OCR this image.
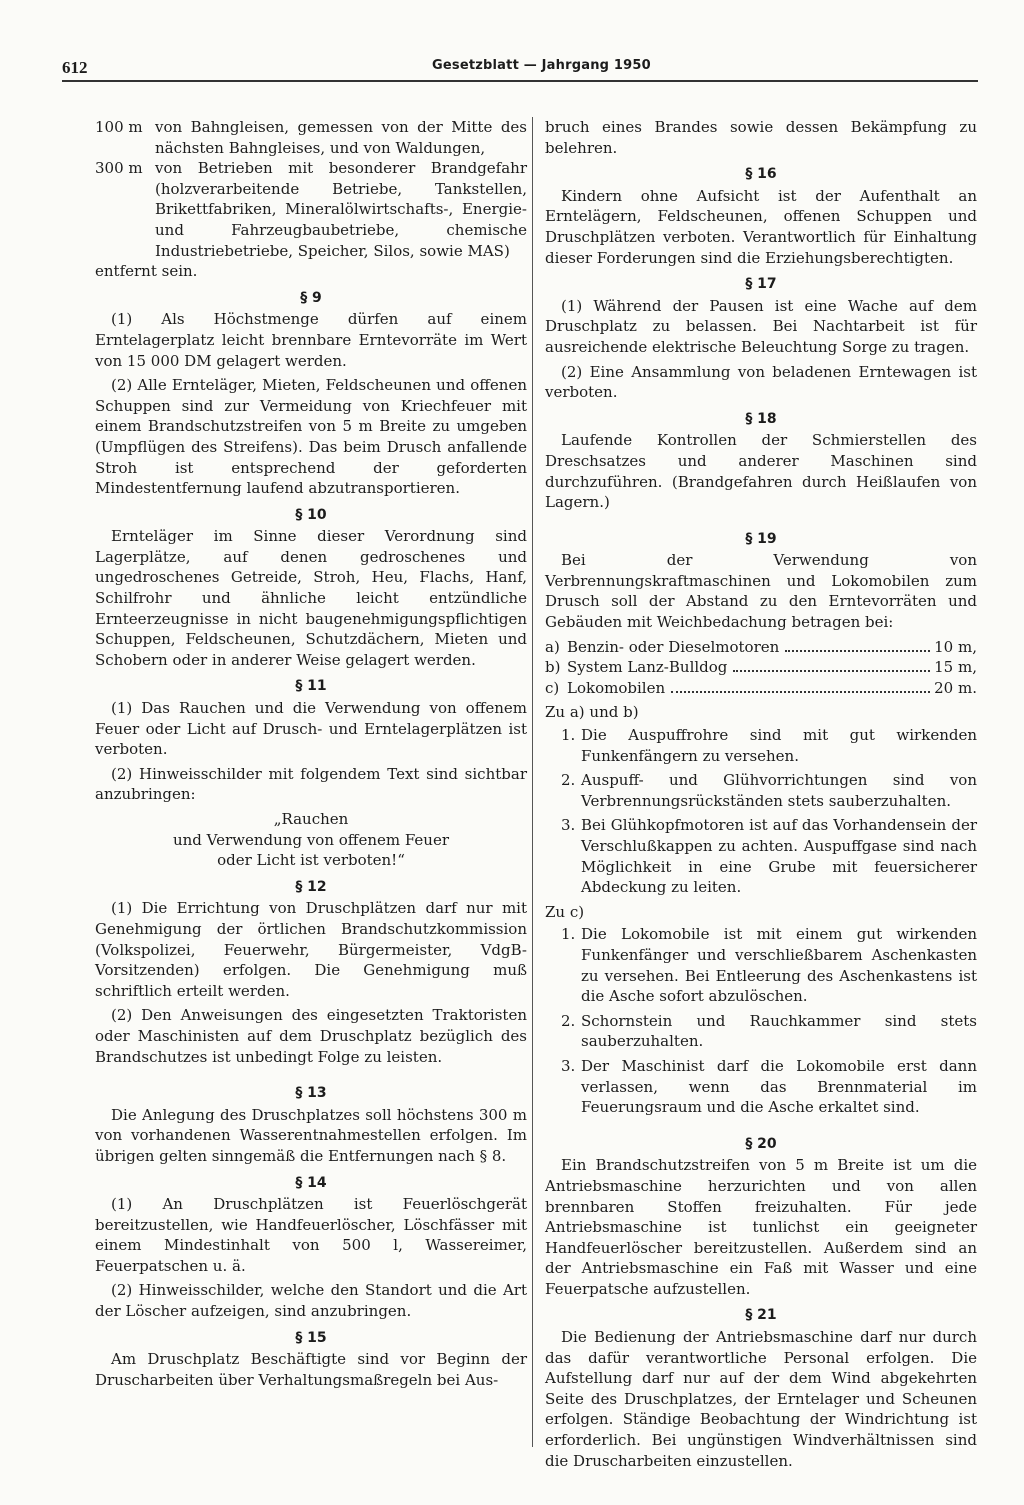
612	Gesetzblatt — Jahrgang 1950
100 m von Bahngleisen, gemessen von der Mitte des nächsten Bahngleises, und von Waldungen,
300 m von Betrieben mit besonderer Brandgefahr (holzverarbeitende Betriebe, Tankstellen, Brikettfabriken, Mineralölwirtschafts-, Energie- und Fahrzeugbaubetriebe, chemische Industriebetriebe, Speicher, Silos, sowie MAS)

entfernt sein.

§ 9

(1) Als Höchstmenge dürfen auf einem Erntelagerplatz leicht brennbare Erntevorräte im Wert von 15 000 DM gelagert werden.

(2) Alle Ernteläger, Mieten, Feldscheunen und offenen Schuppen sind zur Vermeidung von Kriechfeuer mit einem Brandschutzstreifen von 5 m Breite zu umgeben (Umpflügen des Streifens). Das beim Drusch anfallende Stroh ist entsprechend der geforderten Mindestentfernung laufend abzutransportieren.

§ 10

Ernteläger im Sinne dieser Verordnung sind Lagerplätze, auf denen gedroschenes und ungedroschenes Getreide, Stroh, Heu, Flachs, Hanf, Schilfrohr und ähnliche leicht entzündliche Ernteerzeugnisse in nicht baugenehmigungspflichtigen Schuppen, Feldscheunen, Schutzdächern, Mieten und Schobern oder in anderer Weise gelagert werden.

§ 11

(1) Das Rauchen und die Verwendung von offenem Feuer oder Licht auf Drusch- und Erntelagerplätzen ist verboten.

(2) Hinweisschilder mit folgendem Text sind sichtbar anzubringen:

„Rauchen
und Verwendung von offenem Feuer
oder Licht ist verboten!“
§ 12

(1) Die Errichtung von Druschplätzen darf nur mit Genehmigung der örtlichen Brandschutzkommission (Volkspolizei, Feuerwehr, Bürgermeister, VdgB-Vorsitzenden) erfolgen. Die Genehmigung muß schriftlich erteilt werden.

(2) Den Anweisungen des eingesetzten Traktoristen oder Maschinisten auf dem Druschplatz bezüglich des Brandschutzes ist unbedingt Folge zu leisten.

§ 13

Die Anlegung des Druschplatzes soll höchstens 300 m von vorhandenen Wasserentnahmestellen erfolgen. Im übrigen gelten sinngemäß die Entfernungen nach § 8.

§ 14

(1) An Druschplätzen ist Feuerlöschgerät bereitzustellen, wie Handfeuerlöscher, Löschfässer mit einem Mindestinhalt von 500 l, Wassereimer, Feuerpatschen u. ä.

(2) Hinweisschilder, welche den Standort und die Art der Löscher aufzeigen, sind anzubringen.

§ 15

Am Druschplatz Beschäftigte sind vor Beginn der Druscharbeiten über Verhaltungsmaßregeln bei Aus-

bruch eines Brandes sowie dessen Bekämpfung zu belehren.

§ 16

Kindern ohne Aufsicht ist der Aufenthalt an Erntelägern, Feldscheunen, offenen Schuppen und Druschplätzen verboten. Verantwortlich für Einhaltung dieser Forderungen sind die Erziehungsberechtigten.

§ 17

(1) Während der Pausen ist eine Wache auf dem Druschplatz zu belassen. Bei Nachtarbeit ist für ausreichende elektrische Beleuchtung Sorge zu tragen.

(2) Eine Ansammlung von beladenen Erntewagen ist verboten.

§ 18

Laufende Kontrollen der Schmierstellen des Dreschsatzes und anderer Maschinen sind durchzuführen. (Brandgefahren durch Heißlaufen von Lagern.)

§ 19

Bei der Verwendung von Verbrennungskraftmaschinen und Lokomobilen zum Drusch soll der Abstand zu den Erntevorräten und Gebäuden mit Weichbedachung betragen bei:

a) Benzin- oder Dieselmotoren	10 m,
b) System Lanz-Bulldog	15 m,
c) Lokomobilen	20 m.
Zu a) und b)
1. Die Auspuffrohre sind mit gut wirkenden Funkenfängern zu versehen.
2. Auspuff- und Glühvorrichtungen sind von Verbrennungsrückständen stets sauberzuhalten.
3. Bei Glühkopfmotoren ist auf das Vorhandensein der Verschlußkappen zu achten. Auspuffgase sind nach Möglichkeit in eine Grube mit feuersicherer Abdeckung zu leiten.
Zu c)
1. Die Lokomobile ist mit einem gut wirkenden Funkenfänger und verschließbarem Aschenkasten zu versehen. Bei Entleerung des Aschenkastens ist die Asche sofort abzulöschen.
2. Schornstein und Rauchkammer sind stets sauberzuhalten.
3. Der Maschinist darf die Lokomobile erst dann verlassen, wenn das Brennmaterial im Feuerungsraum und die Asche erkaltet sind.
§ 20

Ein Brandschutzstreifen von 5 m Breite ist um die Antriebsmaschine herzurichten und von allen brennbaren Stoffen freizuhalten. Für jede Antriebsmaschine ist tunlichst ein geeigneter Handfeuerlöscher bereitzustellen. Außerdem sind an der Antriebsmaschine ein Faß mit Wasser und eine Feuerpatsche aufzustellen.

§ 21

Die Bedienung der Antriebsmaschine darf nur durch das dafür verantwortliche Personal erfolgen. Die Aufstellung darf nur auf der dem Wind abgekehrten Seite des Druschplatzes, der Erntelager und Scheunen erfolgen. Ständige Beobachtung der Windrichtung ist erforderlich. Bei ungünstigen Windverhältnissen sind die Druscharbeiten einzustellen.
